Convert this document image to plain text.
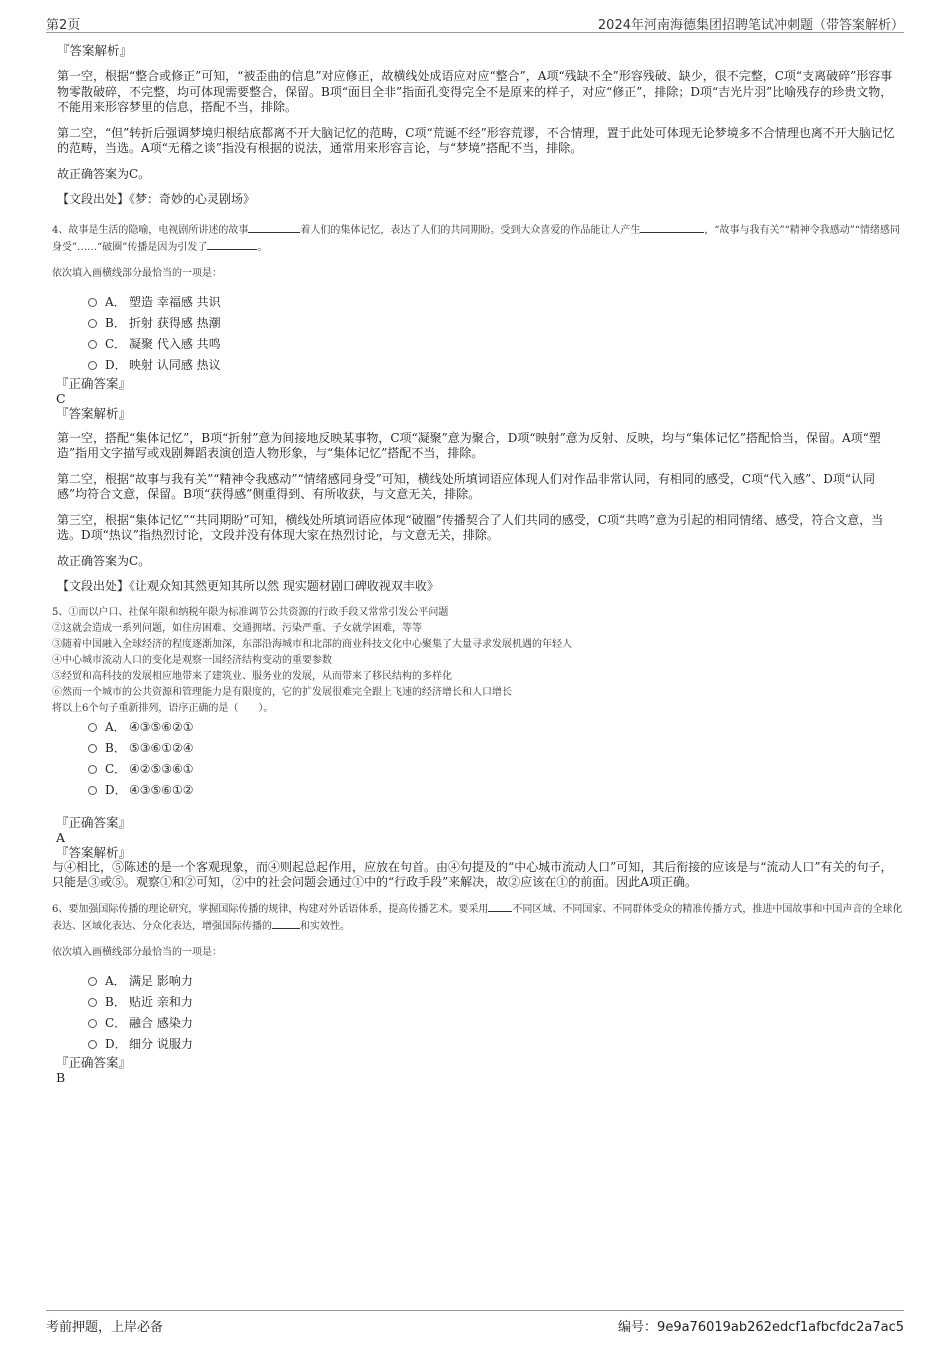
第2页	2024年河南海德集团招聘笔试冲刺题（带答案解析）
『答案解析』
第一空，根据“整合或修正”可知，“被歪曲的信息”对应修正，故横线处成语应对应“整合”，A项“残缺不全”形容残破、缺少，很不完整，C项“支离破碎”形容事物零散破碎，不完整，均可体现需要整合，保留。B项“面目全非”指面孔变得完全不是原来的样子，对应“修正”，排除；D项“吉光片羽”比喻残存的珍贵文物，不能用来形容梦里的信息，搭配不当，排除。
第二空，“但”转折后强调梦境归根结底都离不开大脑记忆的范畴，C项“荒诞不经”形容荒谬，不合情理，置于此处可体现无论梦境多不合情理也离不开大脑记忆的范畴，当选。A项“无稽之谈”指没有根据的说法，通常用来形容言论，与“梦境”搭配不当，排除。
故正确答案为C。
【文段出处】《梦：奇妙的心灵剧场》
4、故事是生活的隐喻，电视剧所讲述的故事	着人们的集体记忆，表达了人们的共同期盼。受到大众喜爱的作品能让人产生	，“故事与我有关”“精神令我感动”“情绪感同身受”……“破圈”传播是因为引发了	。
依次填入画横线部分最恰当的一项是：
A． 塑造 幸福感 共识
B． 折射 获得感 热潮
C． 凝聚 代入感 共鸣
D． 映射 认同感 热议
『正确答案』
C
『答案解析』
第一空，搭配“集体记忆”，B项“折射”意为间接地反映某事物，C项“凝聚”意为聚合，D项“映射”意为反射、反映，均与“集体记忆”搭配恰当，保留。A项“塑造”指用文字描写或戏剧舞蹈表演创造人物形象，与“集体记忆”搭配不当，排除。
第二空，根据“故事与我有关”“精神令我感动”“情绪感同身受”可知，横线处所填词语应体现人们对作品非常认同，有相同的感受，C项“代入感”、D项“认同感”均符合文意，保留。B项“获得感”侧重得到、有所收获，与文意无关，排除。
第三空，根据“集体记忆”“共同期盼”可知，横线处所填词语应体现“破圈”传播契合了人们共同的感受，C项“共鸣”意为引起的相同情绪、感受，符合文意，当选。D项“热议”指热烈讨论，文段并没有体现大家在热烈讨论，与文意无关，排除。
故正确答案为C。
【文段出处】《让观众知其然更知其所以然 现实题材剧口碑收视双丰收》
5、①而以户口、社保年限和纳税年限为标准调节公共资源的行政手段又常常引发公平问题
②这就会造成一系列问题，如住房困难、交通拥堵、污染严重、子女就学困难，等等
③随着中国融入全球经济的程度逐渐加深，东部沿海城市和北部的商业科技文化中心聚集了大量寻求发展机遇的年轻人
④中心城市流动人口的变化是观察一国经济结构变动的重要参数
⑤经贸和高科技的发展相应地带来了建筑业、服务业的发展，从而带来了移民结构的多样化
⑥然而一个城市的公共资源和管理能力是有限度的，它的扩发展很难完全跟上飞速的经济增长和人口增长
将以上6个句子重新排列，语序正确的是（　　）。
A． ④③⑤⑥②①
B． ⑤③⑥①②④
C． ④②⑤③⑥①
D． ④③⑤⑥①②
『正确答案』
A
『答案解析』
与④相比，⑤陈述的是一个客观现象，而④则起总起作用，应放在句首。由④句提及的“中心城市流动人口”可知，其后衔接的应该是与“流动人口”有关的句子，只能是③或⑤。观察①和②可知，②中的社会问题会通过①中的“行政手段”来解决，故②应该在①的前面。因此A项正确。
6、要加强国际传播的理论研究，掌握国际传播的规律，构建对外话语体系，提高传播艺术。要采用 不同区域、不同国家、不同群体受众的精准传播方式，推进中国故事和中国声音的全球化表达、区域化表达、分众化表达，增强国际传播的	和实效性。
依次填入画横线部分最恰当的一项是：
A． 满足 影响力
B． 贴近 亲和力
C． 融合 感染力
D． 细分 说服力
『正确答案』
B
考前押题，上岸必备	编号：9e9a76019ab262edcf1afbcfdc2a7ac5
